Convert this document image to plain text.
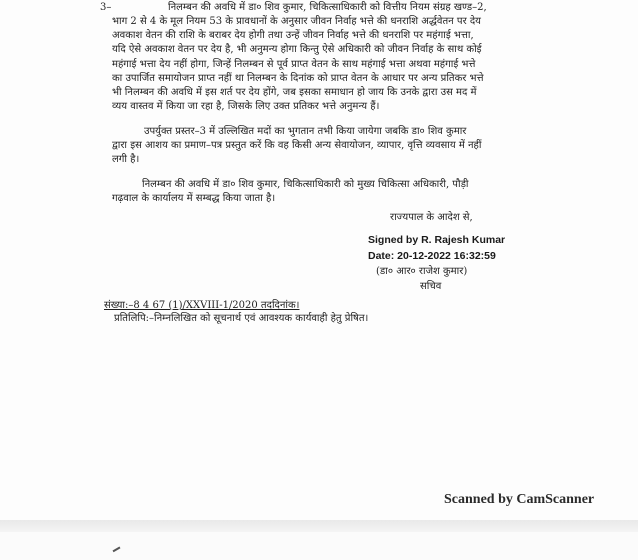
3–	निलम्बन की अवधि में डा० शिव कुमार, चिकित्साधिकारी को वित्तीय नियम संग्रह खण्ड–2,
भाग 2 से 4 के मूल नियम 53 के प्रावधानों के अनुसार जीवन निर्वाह भत्ते की धनराशि अर्द्धवेतन पर देय
अवकाश वेतन की राशि के बराबर देय होगी तथा उन्हें जीवन निर्वाह भत्ते की धनराशि पर महंगाई भत्ता,
यदि ऐसे अवकाश वेतन पर देय है, भी अनुमन्य होगा किन्तु ऐसे अधिकारी को जीवन निर्वाह के साथ कोई
महंगाई भत्ता देय नहीं होगा, जिन्हें निलम्बन से पूर्व प्राप्त वेतन के साथ महंगाई भत्ता अथवा महंगाई भत्ते
का उपार्जित समायोजन प्राप्त नहीं था निलम्बन के दिनांक को प्राप्त वेतन के आधार पर अन्य प्रतिकर भत्ते
भी निलम्बन की अवधि में इस शर्त पर देय होंगे, जब इसका समाधान हो जाय कि उनके द्वारा उस मद में
व्यय वास्तव में किया जा रहा है, जिसके लिए उक्त प्रतिकर भत्ते अनुमन्य हैं।
उपर्युक्त प्रस्तर–3 में उल्लिखित मदों का भुगतान तभी किया जायेगा जबकि डा० शिव कुमार
द्वारा इस आशय का प्रमाण–पत्र प्रस्तुत करें कि वह किसी अन्य सेवायोजन, व्यापार, वृत्ति व्यवसाय में नहीं
लगी है।
निलम्बन की अवधि में डा० शिव कुमार, चिकित्साधिकारी को मुख्य चिकित्सा अधिकारी, पौड़ी
गढ़वाल के कार्यालय में सम्बद्ध किया जाता है।
राज्यपाल के आदेश से,
Signed by R. Rajesh Kumar
Date: 20-12-2022 16:32:59
(डा० आर० राजेश कुमार)
सचिव
संख्या:–8 4 67 (1)/XXVIII-1/2020 तददिनांक।
प्रतिलिपि:–निम्नलिखित को सूचनार्थ एवं आवश्यक कार्यवाही हेतु प्रेषित।
Scanned by CamScanner
